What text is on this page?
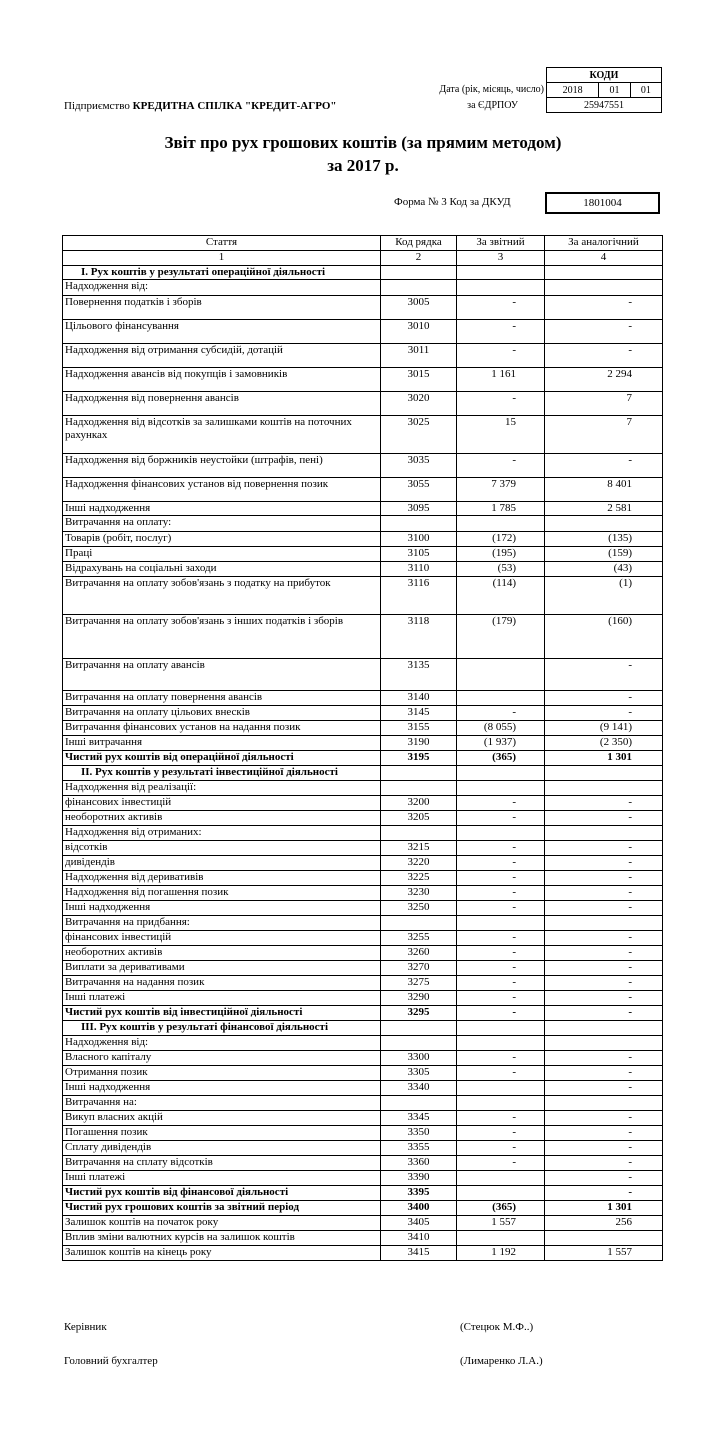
КОДИ
2018	01	01
25947551
Дата (рік, місяць, число)
за ЄДРПОУ
Підприємство КРЕДИТНА СПІЛКА "КРЕДИТ-АГРО"
Звіт про рух грошових коштів (за прямим методом)
за 2017 р.
Форма № 3 Код за ДКУД	1801004
Стаття	Код рядка	За звітний	За аналогічний
1	2	3	4
I. Рух коштів у результаті операційної діяльності			
Надходження від:			
Повернення податків і зборів	3005	-	-
Цільового фінансування	3010	-	-
Надходження від отримання субсидій, дотацій	3011	-	-
Надходження авансів від покупців і замовників	3015	1 161	2 294
Надходження від повернення авансів	3020	-	7
Надходження від відсотків за залишками коштів на поточних рахунках	3025	15	7
Надходження від боржників неустойки (штрафів, пені)	3035	-	-
Надходження фінансових установ від повернення позик	3055	7 379	8 401
Інші надходження	3095	1 785	2 581
Витрачання на оплату:			
Товарів (робіт, послуг)	3100	(172)	(135)
Праці	3105	(195)	(159)
Відрахувань на соціальні заходи	3110	(53)	(43)
Витрачання на оплату зобов'язань з податку на прибуток	3116	(114)	(1)
Витрачання на оплату зобов'язань з інших податків і зборів	3118	(179)	(160)
Витрачання на оплату авансів	3135		-
Витрачання на оплату повернення авансів	3140		-
Витрачання на оплату цільових внесків	3145	-	-
Витрачання фінансових установ на надання позик	3155	(8 055)	(9 141)
Інші витрачання	3190	(1 937)	(2 350)
Чистий рух коштів від операційної діяльності	3195	(365)	1 301
II. Рух коштів у результаті інвестиційної діяльності			
Надходження від реалізації:			
фінансових інвестицій	3200	-	-
необоротних активів	3205	-	-
Надходження від отриманих:			
відсотків	3215	-	-
дивідендів	3220	-	-
Надходження від деривативів	3225	-	-
Надходження від погашення позик	3230	-	-
Інші надходження	3250	-	-
Витрачання на придбання:			
фінансових інвестицій	3255	-	-
необоротних активів	3260	-	-
Виплати за деривативами	3270	-	-
Витрачання на надання позик	3275	-	-
Інші платежі	3290	-	-
Чистий рух коштів від інвестиційної діяльності	3295	-	-
III. Рух коштів у результаті фінансової діяльності			
Надходження від:			
Власного капіталу	3300	-	-
Отримання позик	3305	-	-
Інші надходження	3340		-
Витрачання на:			
Викуп власних акцій	3345	-	-
Погашення позик	3350	-	-
Сплату дивідендів	3355	-	-
Витрачання на сплату відсотків	3360	-	-
Інші платежі	3390		-
Чистий рух коштів від фінансової діяльності	3395		-
Чистий рух грошових коштів за звітний період	3400	(365)	1 301
Залишок коштів на початок року	3405	1 557	256
Вплив зміни валютних курсів на залишок коштів	3410		
Залишок коштів на кінець року	3415	1 192	1 557
Керівник	(Стецюк М.Ф..)
Головний бухгалтер	(Лимаренко Л.А.)
